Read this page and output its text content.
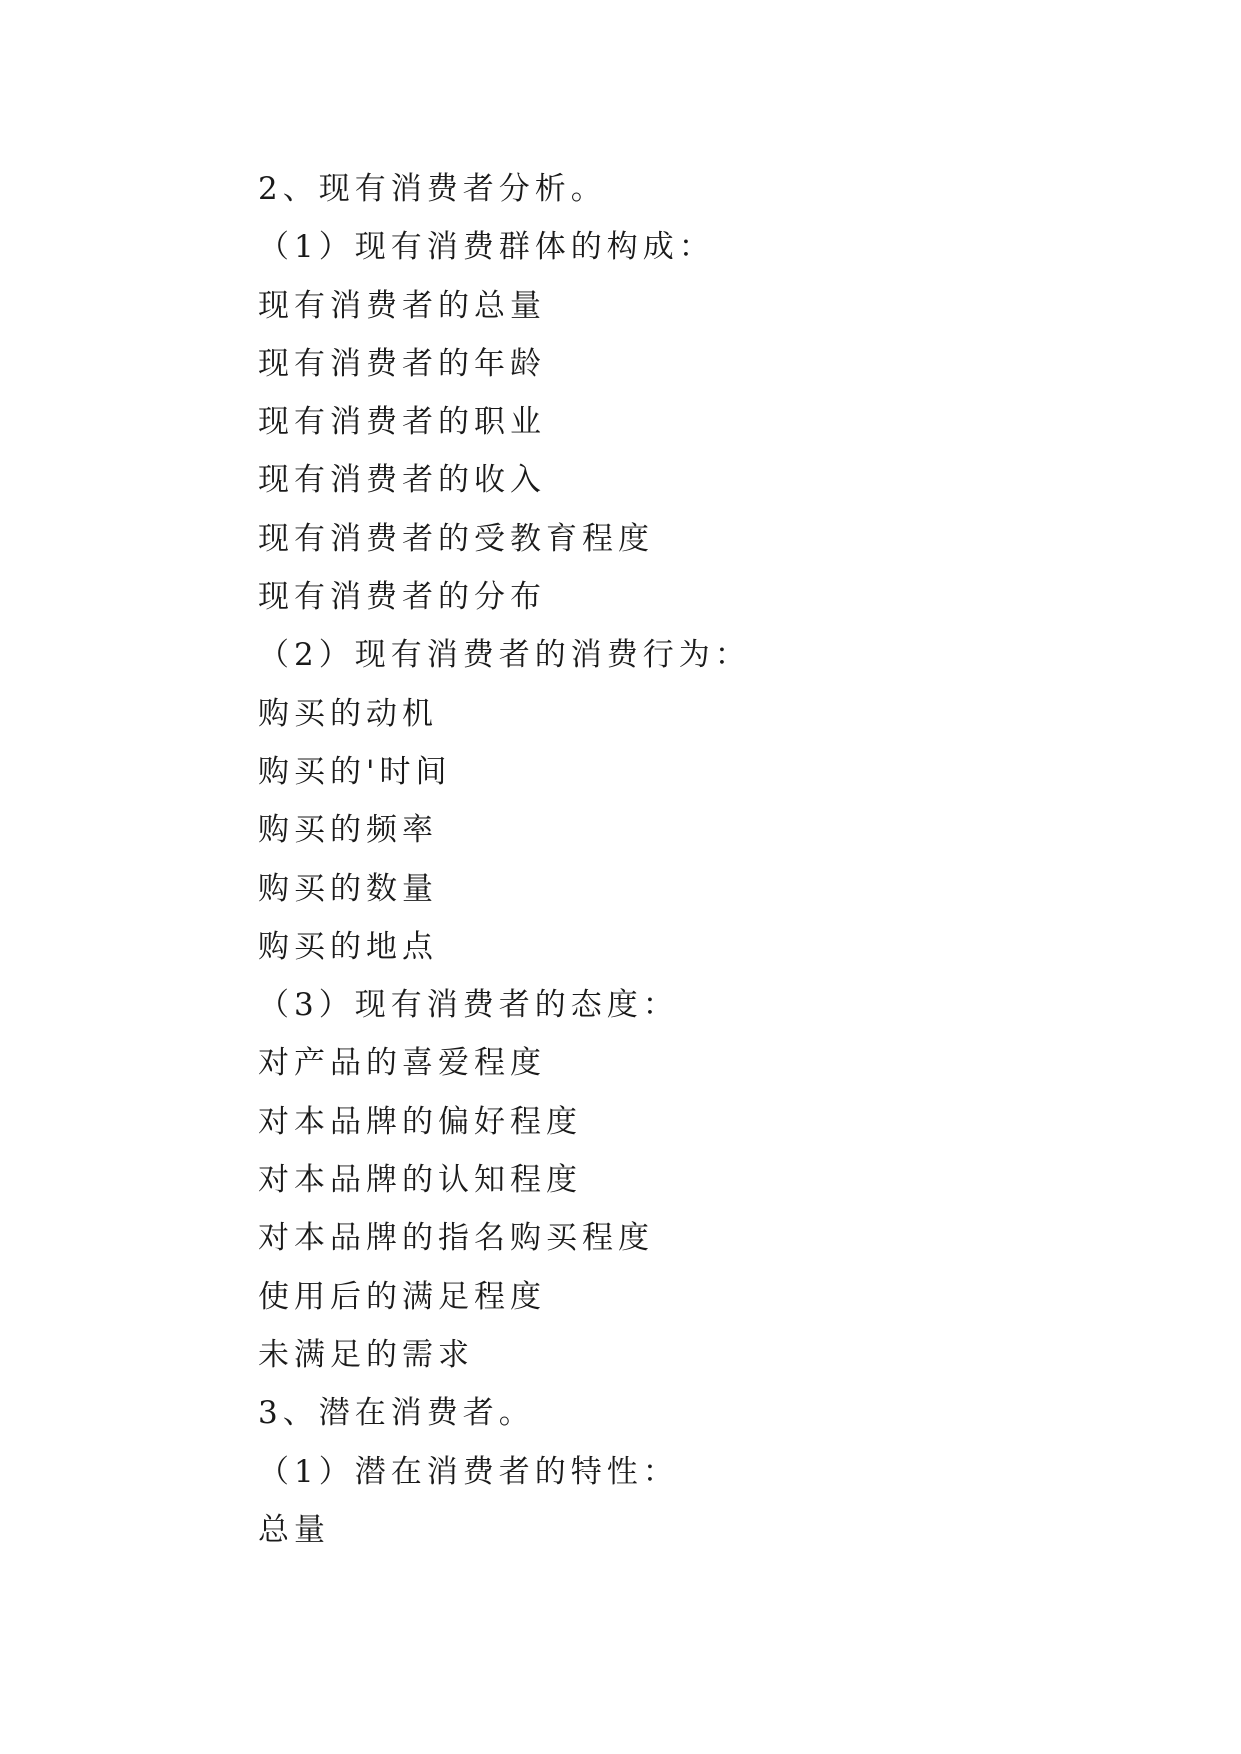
2、现有消费者分析。
（1）现有消费群体的构成：
现有消费者的总量
现有消费者的年龄
现有消费者的职业
现有消费者的收入
现有消费者的受教育程度
现有消费者的分布
（2）现有消费者的消费行为：
购买的动机
购买的'时间
购买的频率
购买的数量
购买的地点
（3）现有消费者的态度：
对产品的喜爱程度
对本品牌的偏好程度
对本品牌的认知程度
对本品牌的指名购买程度
使用后的满足程度
未满足的需求
3、潜在消费者。
（1）潜在消费者的特性：
总量
